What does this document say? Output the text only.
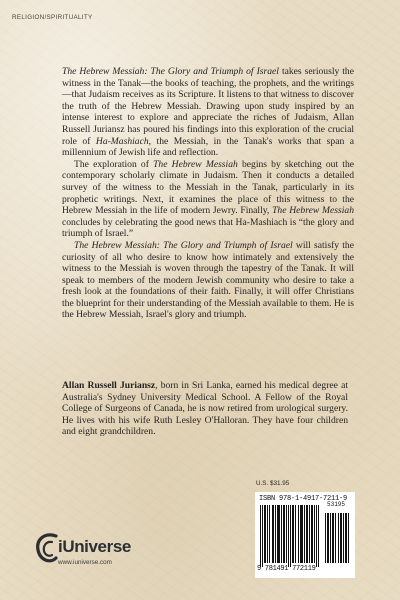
RELIGION/SPIRITUALITY

The Hebrew Messiah: The Glory and Triumph of Israel takes seriously the witness in the Tanak—the books of teaching, the prophets, and the writings—that Judaism receives as its Scripture. It listens to that witness to discover the truth of the Hebrew Messiah. Drawing upon study inspired by an intense interest to explore and appreciate the riches of Judaism, Allan Russell Juriansz has poured his findings into this exploration of the crucial role of Ha-Mashiach, the Messiah, in the Tanak's works that span a millennium of Jewish life and reflection.

The exploration of The Hebrew Messiah begins by sketching out the contemporary scholarly climate in Judaism. Then it conducts a detailed survey of the witness to the Messiah in the Tanak, particularly in its prophetic writings. Next, it examines the place of this witness to the Hebrew Messiah in the life of modern Jewry. Finally, The Hebrew Messiah concludes by celebrating the good news that Ha-Mashiach is “the glory and triumph of Israel.”

The Hebrew Messiah: The Glory and Triumph of Israel will satisfy the curiosity of all who desire to know how intimately and extensively the witness to the Messiah is woven through the tapestry of the Tanak. It will speak to members of the modern Jewish community who desire to take a fresh look at the foundations of their faith. Finally, it will offer Christians the blueprint for their understanding of the Messiah available to them. He is the Hebrew Messiah, Israel's glory and triumph.

Allan Russell Juriansz, born in Sri Lanka, earned his medical degree at Australia's Sydney University Medical School. A Fellow of the Royal College of Surgeons of Canada, he is now retired from urological surgery. He lives with his wife Ruth Lesley O'Halloran. They have four children and eight grandchildren.
U.S. $31.95
ISBN 978-1-4917-7211-9
53195
9 781491 772119
iUniverse
www.iuniverse.com
